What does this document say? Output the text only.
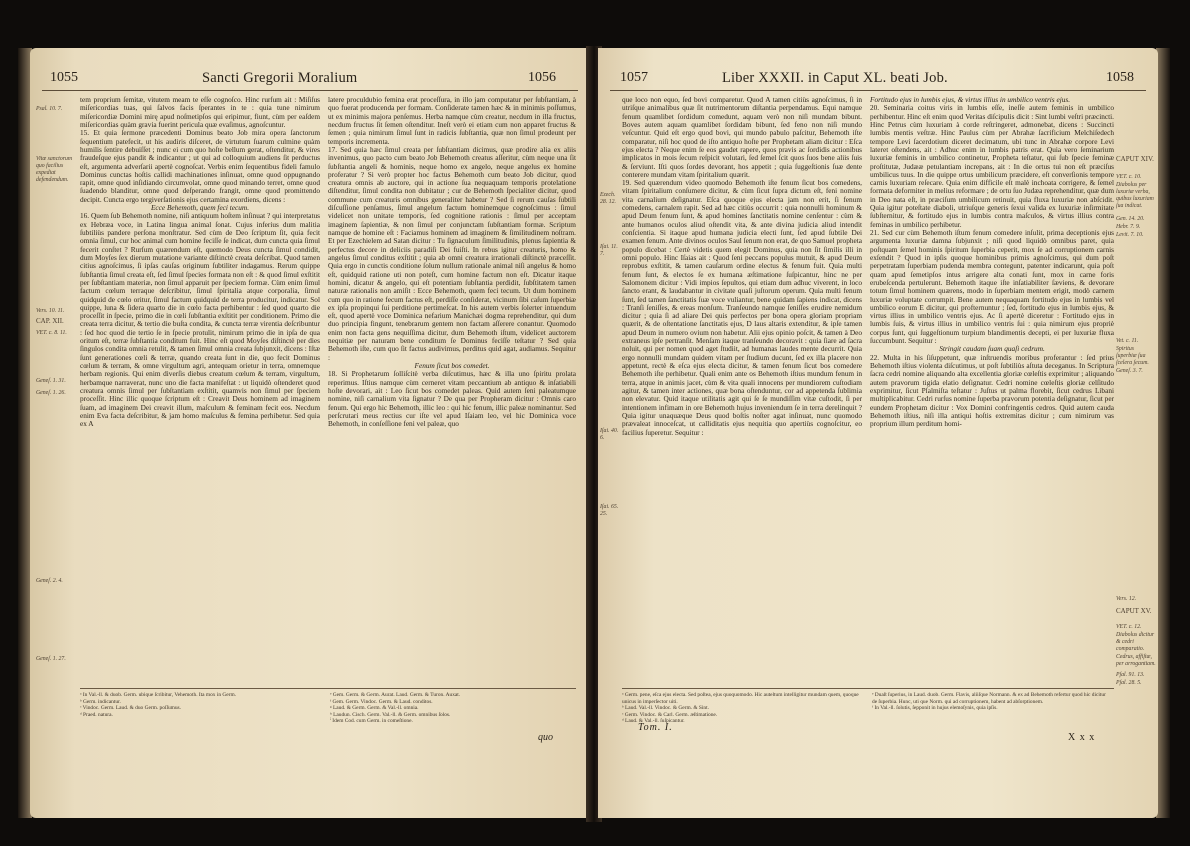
1055	Sancti Gregorii Moralium	1056
Psal. 10. 7.
Vitæ sanctorum quo facilius expediat defendendum.
Vers. 10. 11.
CAP. XII.
VET. c. 8. 11.
Geneſ. 1. 31.
Geneſ. 1. 26.
Geneſ. 2. 4.
Geneſ. 1. 27.

tem proprium ſemitæ, vitutem meam te eſſe cognoſco. Hinc rurſum ait : Miſiſus miſericordias tuas, qui ſalvos facis ſperantes in te : quia tune nimirum miſericordiæ Domini mirę apud noſmetipſos qui eripimur, fiunt, cùm per eaſdem miſericordias quàm gravia fuerint pericula quæ evaſimus, agnoſcuntur.

15. Et quia ſermone præcedenti Dominus beato Job mira opera ſanctorum ſequentium patefecit, ut his audiris diſceret, de virtutum ſuarum culmine quàm humilis ſentire debuiſſet ; nunc ei cum quo hoſte bellum gerat, oſtenditur, & vires fraudeſque ejus pandit & indicantur ; ut qui ad colloquium audiens ſit perductus eſt, argumenta adverſarii apertè cognoſcat. Verbis enim ſequentibus fideli famulo Dominus cunctas hoſtis callidi machinationes inſinuat, omne quod oppugnando rapit, omne quod inſidiando circumvolat, omne quod minando terret, omne quod ſuadendo blanditur, omne quod deſperando frangit, omne quod promittendo decipit. Cuncta ergo tergiverſationis ejus certamina exordiens, dicens :

Ecce Behemoth, quem feci tecum.

16. Quem ſub Behemoth nomine, niſi antiquum hoſtem inſinuat ? qui interpretatus ex Hebræa voce, in Latina lingua animal ſonat. Cujus inferius dum malitia ſubtiliùs pandere perſona monſtratur. Sed cùm de Deo ſcriptum ſit, quia fecit omnia ſimul, cur hoc animal cum homine feciſſe ſe indicat, dum cuncta quia ſimul fecerit conſtet ? Rurſum quærendum eſt, quemodo Deus cuncta ſimul condidit, dum Moyſes ſex dierum mutatione variante diſtinctè creata deſcribat. Quod tamen citius agnoſcimus, ſi ipſas cauſas originum ſubtiliter indagamus. Rerum quippe ſubſtantia ſimul creata eſt, ſed ſimul ſpecies formata non eſt : & quod ſimul exſtitit per ſubſtantiam materiæ, non ſimul apparuit per ſpeciem formæ. Cùm enim ſimul factum cœlum terraque deſcribitur, ſimul ſpiritalia atque corporalia, ſimul quidquid de cœlo oritur, ſimul factum quidquid de terra producitur, indicatur. Sol quippe, luna & ſidera quarto die in cœlo facta perhibentur : ſed quod quarto die proceſſit in ſpecie, primo die in cœli ſubſtantia exſtitit per conditionem. Primo die creata terra dicitur, & tertio die buſta condita, & cuncta terræ virentia deſcribuntur : ſed hoc quod die tertio ſe in ſpecie protulit, nimirum primo die in ipſa de qua oritum eſt, terræ ſubſtantia conditum fuit. Hinc eſt quod Moyſes diſtinctè per dies ſingulos condita omnia retulit, & tamen ſimul omnia creata ſubjunxit, dicens : Iſtæ ſunt generationes cœli & terræ, quando creata ſunt in die, quo fecit Dominus cœlum & terram, & omne virgultum agri, antequam orietur in terra, omnemque herbam regionis. Qui enim diverſis diebus creatum cœlum & terram, virgultum, herbamque narraverat, nunc uno die facta manifeſtat : ut liquidò oſtenderet quod creatura omnis ſimul per ſubſtantiam exſtitit, quamvis non ſimul per ſpeciem proceſſit. Hinc illic quoque ſcriptum eſt : Creavit Deus hominem ad imaginem ſuam, ad imaginem Dei creavit illum, maſculum & feminam fecit eos. Necdum enim Eva facta deſcribitur, & jam homo maſculus & femina perhibetur. Sed quia ex A

latere proculdubio femina erat proceſſura, in illo jam computatur per ſubſtantiam, à quo fuerat producenda per formam. Conſiderate tamen hæc & in minimis poſſumus, ut ex minimis majora penſemus. Herba namque cùm creatur, necdum in illa fructus, necdum fructus ſit ſemen oſtenditur. Ineſt verò ei etiam cum non apparet fructus & ſemen ; quia nimirum ſimul ſunt in radicis ſubſtantia, quæ non ſimul prodeunt per temporis incrementa.

17. Sed quia hæc ſimul creata per ſubſtantiam dicimus, quæ prodire alia ex aliis invenimus, quo pacto cum beato Job Behemoth creatus aſſeritur, cùm neque una ſit ſubſtantia angeli & hominis, neque homo ex angelo, neque angelus ex homine proferatur ? Si verò propter hoc factus Behemoth cum beato Job dicitur, quod creatura omnis ab auctore, qui in actione ſua nequaquam temporis protelatione diſtenditur, ſimul condita non dubitatur ; cur de Behemoth ſpecialiter dicitur, quod commune cum creaturis omnibus generaliter habetur ? Sed ſi rerum cauſas ſubtili diſcuſſione penſamus, ſimul angelum factum hominemque cognoſcimus : ſimul videlicet non unitate temporis, ſed cognitione rationis : ſimul per acceptam imaginem ſapientiæ, & non ſimul per conjunctam ſubſtantiam formæ. Scriptum namque de homine eſt : Faciamus hominem ad imaginem & ſimilitudinem noſtram. Et per Ezechielem ad Satan dicitur : Tu ſignaculum ſimilitudinis, plenus ſapientia & perfectus decore in deliciis paradiſi Dei fuiſti. In rebus igitur creaturis, homo & angelus ſimul conditus exſtitit ; quia ab omni creatura irrationali diſtinctè præceſſit. Quia ergo in cunctis conditione ſolum nullum rationale animal niſi angelus & homo eſt, quidquid ratione uti non poteſt, cum homine factum non eſt. Dicatur itaque homini, dicatur & angelo, qui eſt potentiam ſubſtantia perdidit, ſubſtitatem tamen naturæ rationalis non amiſit : Ecce Behemoth, quem feci tecum. Ut dum hominem cum quo in ratione fecum factus eſt, perdiſſe conſiderat, vicinum ſibi caſum ſuperbiæ ex ipſa propinqui ſui perditione pertimeſcat. In his autem verbis ſolerter intuendum eſt, quod apertè voce Dominica nefarium Manichæi dogma reprehenditur, qui dum duo principia fingunt, tenebrarum gentem non factam aſſerere conantur. Quomodo enim non facta gens nequiſſima dicitur, dum Behemoth iſtum, videlicet auctorem nequitiæ per naturam bene conditum ſe Dominus feciſſe teſtatur ? Sed quia Behemoth iſte, cum quo ſit factus audivimus, perditus quid agat, audiamus. Sequitur :

Fenum ſicut bos comedet.

18. Si Prophetarum ſolliſcitè verba diſcutimus, hæc & illa uno ſpiritu prolata reperimus. Iſtius namque cùm cerneret vitam peccantium ab antiquo & inſatiabili hoſte devorari, ait : Leo ſicut bos comedet paleas. Quid autem ſeni paleatumque nomine, niſi carnalium vita ſignatur ? De qua per Propheram dicitur : Omnis caro fenum. Qui ergo hic Behemoth, illic leo : qui hic fenum, illic paleæ nominantur. Sed perſcrutari meus rectius cur iſte vel apud Iſaiam leo, vel hic Dominica voce Behemoth, in conſeſſione feni vel paleæ, quo

ᵃ In Val.-ll. & duob. Germ. ubique ſcribitur, Vehemoth. Ita mox in Germ.
ᵇ Germ. indicantur.
ᶜ Vindoc. Germ. Laud. & duo Germ. poſſumus.
ᵈ Praed. natura.
ᵉ Gem. Germ. & Germ. Aurat. Laud. Germ. & Turon. Auxat.
ᶠ Gem. Germ. Vindoc. Germ. & Laud. conditos.
ᵍ Laud. & Germ. Germ. & Val.-ll. omnia.
ʰ Laudun. Cisch. Germ. Val.-ll. & Germ. omnibus ſolos.
ⁱ Idem Cod. cum Germ. in comeſtione.
quo
1057	Liber XXXII. in Caput XL. beati Job.	1058
Ezech. 28. 12.
Iſai. 11. 7.
Iſai. 40. 6.
Iſai. 65. 25.
CAPUT XIV.
VET. c. 10.
Diabolus per luxuriæ verba, quibus luxuriam ſua indicat.
Gen. 14. 20.
Hebr. 7. 9.
Levit. 7. 10.
Vet. c. 11.
Spiritus ſuperbiæ ſua ſcelera ſecum.
Geneſ. 3. 7.
Vers. 12.
CAPUT XV.
VET. c. 12.
Diabolus dicitur & cedri comparatio.
Cedrus, affiſtæ, per arrogantiam.
Pſal. 91. 13.
Pſal. 28. 5.

que loco non equo, ſed bovi comparetur. Quod A tamen citiùs agnoſcimus, ſi in utriſque animalibus quæ ſit nutrimentorum diſtantia perpendamus. Equi namque fenum quamlibet ſordidum comedunt, aquam verò non niſi mundam bibunt. Boves autem aquam quamlibet ſordidam bibunt, ſed feno non niſi mundo veſcuntur. Quid eſt ergo quod bovi, qui mundo pabulo paſcitur, Behemoth iſte comparatur, niſi hoc quod de iſto antiquo hoſte per Prophetam aliam dicitur : Eſca ejus electa ? Neque enim ſe eos gaudet rapere, quos pravis ac ſordidis actionibus implicatos in mois ſecum reſpicit volutari, ſed ſemel ſcit quos ſuos bene aliis ſuis & ſerviunt. Iſti quos ſordes devorant, hos appetit ; quia ſuggeſtionis ſuæ dente conterere mundam vitam ſpiritalium quærit.

19. Sed quærendum video quomodo Behemoth iſte fenum ſicut bos comedens, vitam ſpiritalium conſumere dicitur, & cùm ſicut ſupra dictum eſt, feni nomine vita carnalium deſignatur. Eſca quoque ejus electa jam non erit, ſi fenum comedens, carnalem rapit. Sed ad hæc citiùs occurrit : quia nonnulli hominum & apud Deum fenum ſunt, & apud homines ſanctitatis nomine cenſentur : cùm & ante humanos oculos aliud oſtendit vita, & ante divina judicia aliud intendit conſcientia. Si itaque apud humana judicia electi ſunt, ſed apud ſubtile Dei examen fenum. Ante divinos oculos Saul ſenum non erat, de quo Samuel propheta populo dicebat : Certè videtis quem elegit Dominus, quia non ſit ſimilis illi in omni populo. Hinc Iſaias ait : Quod ſeni peccans populus mutuit, & apud Deum reprobus exſtitit, & tamen cauſarum ordine electus & fenum fuit. Quia multi fenum ſunt, & electos ſe ex humana æſtimatione ſuſpicantur, hinc ne per Salomonem dicitur : Vidi impios ſepultos, qui etiam dum adhuc viverent, in loco ſancto erant, & laudabantur in civitate quaſi juſtorum operum. Quia multi fenum ſunt, ſed tamen ſanctitatis ſuæ voce vuliantur, bene quidam ſapiens indicat, dicens : Tranſi ſeniſſes, & ereas monſum. Tranſeundo namque ſeniſſes erudire nemidum dicitur ; quia ſi ad aliare Dei quis perfectos per bona opera gloriam propriam quærit, & de oſtentatione ſanctitatis ejus, D laus altaris extenditur, & ipſe tamen apud Deum in numero ovium non habetur. Alii ejus opinio poſcit, & tamen à Deo extraneus ipſe pertranſit. Menſam itaque tranſeundo decoravit : quia ſiare ad ſacra noluit, qui per nomen quod aget ſtudiit, ad humanas laudes mente decurrit. Quia ergo nonnulli mundam quidem vitam per ſtudium ducunt, ſed ex illa placere non appetunt, rectè & eſca ejus electa dicitur, & tamen fenum ſicut bos comedere Behemoth iſte perhibetur. Quali enim ante os Behemoth iſtius mundum fenum in terra, atque in animis jacet, cùm & vita quali innocens per mundiorem cuſtodiam agitur, & tamen inter actiones, quæ bona oſtenduntur, cor ad appetenda ſublimia non elevatur. Quid itaque utilitatis agit qui ſe ſe mundiſſim vitæ cuſtodit, ſi per intentionem infimam in ore Behemoth hujus inveniendum ſe in terra derelinquit ? Quia igitur unaquæque Deus quod boſtis noſter agat inſinuat, nunc quomodo prævaleat innoceſcat, ut calliditatis ejus nequitia quo apertiùs cognoſcitur, eo facilius ſuperetur. Sequitur :

Fortitudo ejus in lumbis ejus, & virtus illius in umbilico ventris ejus.

20. Seminaria coitus viris in lumbis eſſe, ineſſe autem feminis in umbilico perhibentur. Hinc eſt enim quod Veritas diſcipulis dicit : Sint lumbi veſtri præcincti. Hinc Petrus cùm luxuriam à corde reſtringeret, admonebat, dicens : Succincti lumbis mentis veſtræ. Hinc Paulus cùm per Abrahæ ſacrificium Melchiſedech tempore Levi ſacerdotium diceret decimatum, ubi tunc in Abrahæ corpore Levi lateret oſtendens, ait : Adhuc enim in lumbis patris erat. Quia vero ſeminarium luxuriæ feminis in umbilico continetur, Propheta teſtatur, qui ſub ſpecie feminæ proſtitutæ, Judææ petulantiam increpans, ait : In die ortus tui non eſt præciſus umbilicus tuus. In die quippe ortus umbilicum præcidere, eſt converſionis tempore carnis luxuriam reſecare. Quia enim difficile eſt malè inchoata corrigere, & ſemel formata deformiter in melius reformare ; de ortu ſuo Judæa reprehenditur, quæ dum in Deo nata eſt, in præciſum umbilicum retinuit, quia fluxa luxuriæ non abſcidit. Quia igitur poteſtate diaboli, utriuſque generis ſexui valida ex luxuriæ inſirmitate ſubſternitur, & fortitudo ejus in lumbis contra maſculos, & virtus illius contra feminas in umbilico perhibetur.

21. Sed cur cùm Behemoth iſtum fenum comedere inſulit, prima deceptionis ejus argumenta luxuriæ damna ſubjunxit ; niſi quod liquidò omnibus paret, quia poſtquam ſemel hominis ſpiritum ſuperbia ceperit, mox ſe ad corruptionem carnis exſendit ? Quod in ipſis quoque hominibus primis agnoſcimus, qui dum poſt perpetratam ſuperbiam pudenda membra contegunt, patenter indicarunt, quia poſt quam apud ſemetipſos intus arrigere alta conati ſunt, mox in carne foris erubeſcenda pertulerunt. Behemoth itaque iſte inſatiabiliter ſæviens, & devorare totum ſimul hominem quærens, modo in ſuperbiam mentem erigit, modò carnem luxuriæ voluptate corrumpit. Bene autem nequaquam fortitudo ejus in lumbis vel umbilico eorum E dicitur, qui profternuntur ; ſed, fortitudo ejus in lumbis ejus, & virtus illius in umbilico ventris ejus. Ac ſi apertè diceretur : Fortitudo ejus in lumbis ſuis, & virtus illius in umbilico ventris ſui : quia nimirum ejus propriè corpus ſunt, qui ſuggeſtionum turpium blandimentis decepti, ei per luxuriæ fluxa ſuccumbunt. Sequitur :

Stringit caudam ſuam quaſi cedrum.

22. Multa in his ſiſuppetunt, quæ inſtruendis moribus proferantur : ſed prius Behemoth iſtius violenta diſcutimus, ut poſt ſubtiliùs aſtuta deceganus. In Scriptura ſacra cedri nomine aliquando alta excellentia gloriæ cœleſtis exprimitur ; aliquando autem pravorum tigida elatio deſignatur. Cedri nomine cœleſtis gloriæ celſitudo exprimitur, ſicut Pſalmiſta teſtatur : Juſtus ut palma florebit, ſicut cedrus Libani multiplicabitur. Cedri rurſus nomine ſuperba pravorum potentia deſignatur, ſicut per eundem Prophetam dicitur : Vox Domini confringentis cedros. Quid autem cauda Behemoth iſtius, niſi illa antiqui hoſtis extremitas dicitur ; cum nimirum vas proprium illum perditum homi-

ᵃ Germ. pene, eſca ejus electa. Sed poſtea, ejus quoquomodo. Hic auteltum intelligitur mundam quem, quoque unicus in imperſector uiti.
ᵇ Laud. Val.-ll. Vindoc. & Germ. & Sint.
ᶜ Germ. Vindoc. & Carl. Germ. æſtimatione.
ᵈ Laud. & Val.-ll. ſuſpicantur.
ᵉ Duaſt ſuperius, in Laud. duob. Germ. Flavis, aliiſque Normann. & ex ad Behemoth refertur quod hic dicitur de ſuperbia. Hunc, uti que Norm. qui ad corruptionem, habent ad abſorptionem.
ᶠ In Val.-ll. ſolutis, ſepponit in hujus elemoſynis, quia ipſis.
Tom. I.
X x x
